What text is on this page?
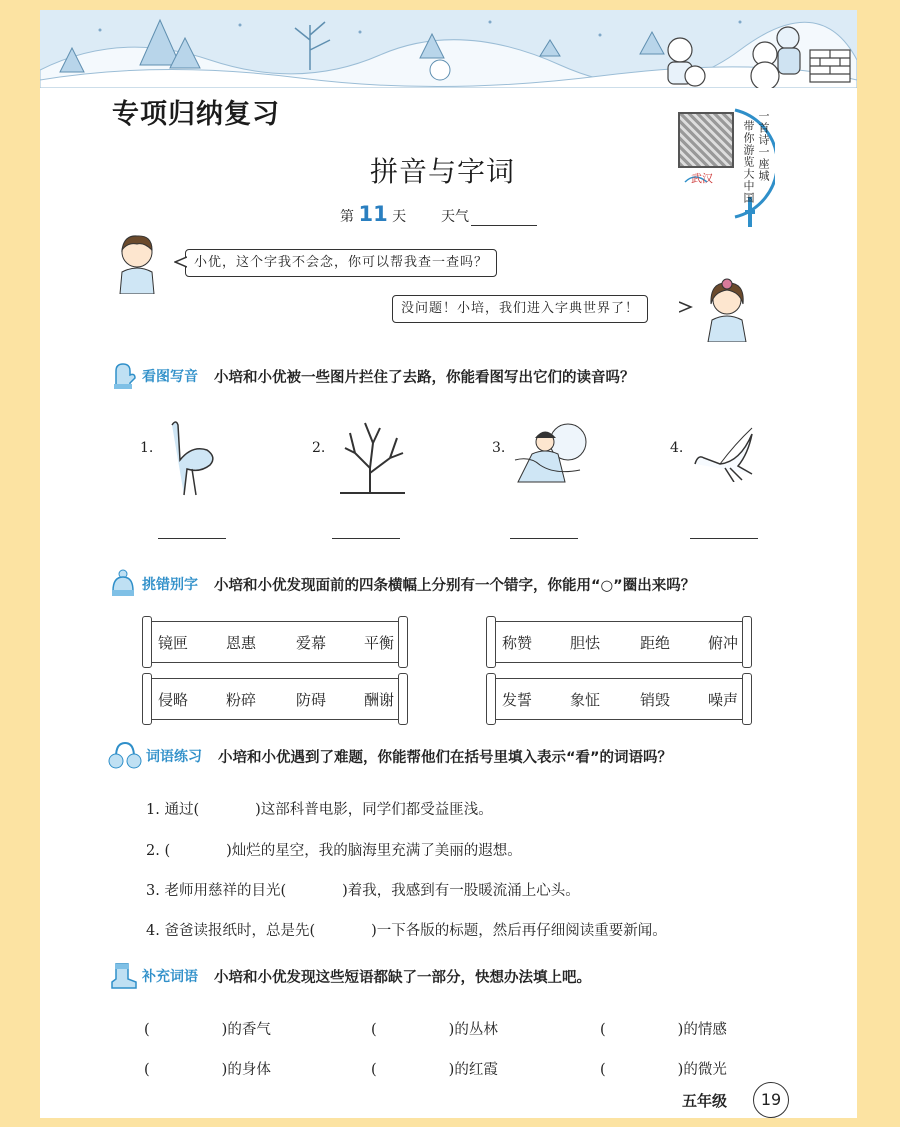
专项归纳复习
拼音与字词
第 11 天 天气
武汉	一首诗一座城
带你游览大中国
小优，这个字我不会念，你可以帮我查一查吗？
没问题！小培，我们进入字典世界了！
看图写音 小培和小优被一些图片拦住了去路，你能看图写出它们的读音吗？
1.	2.	3.	4.
挑错别字 小培和小优发现面前的四条横幅上分别有一个错字，你能用“○”圈出来吗？
镜匣	恩惠	爱幕	平衡	称赞	胆怯	距绝	俯冲
侵略	粉碎	防碍	酬谢	发誓	象怔	销毁	噪声
词语练习 小培和小优遇到了难题，你能帮他们在括号里填入表示“看”的词语吗？
1. 通过(	)这部科普电影，同学们都受益匪浅。
2. (	)灿烂的星空，我的脑海里充满了美丽的遐想。
3. 老师用慈祥的目光(	)着我，我感到有一股暖流涌上心头。
4. 爸爸读报纸时，总是先(	)一下各版的标题，然后再仔细阅读重要新闻。
补充词语 小培和小优发现这些短语都缺了一部分，快想办法填上吧。
(	)的香气	(	)的丛林	(	)的情感
(	)的身体	(	)的红霞	(	)的微光
五年级	19
